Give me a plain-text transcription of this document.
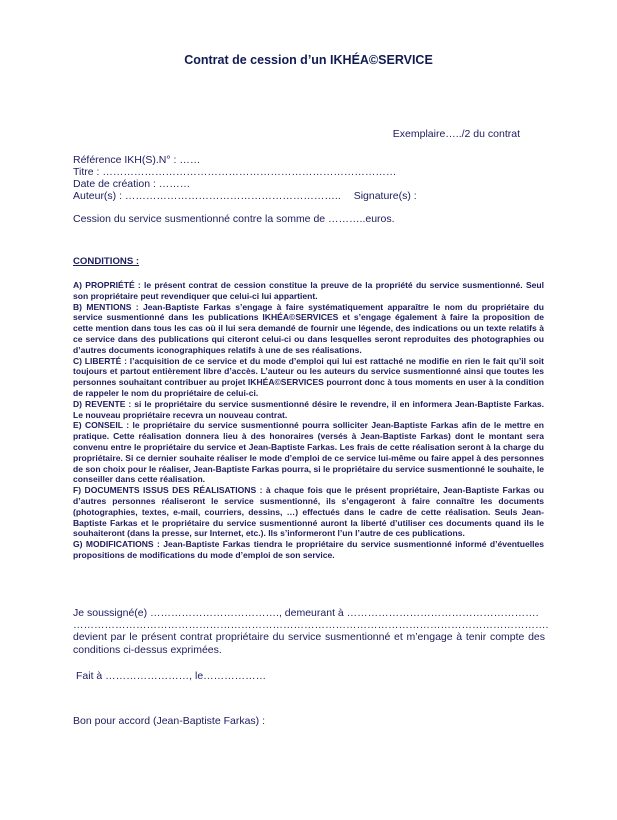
Contrat de cession d’un IKHÉA©SERVICE
Exemplaire…../2 du contrat
Référence IKH(S).N° : ……
Titre : …………………………………………………………………………
Date de création : ………
Auteur(s) : …………………………………………………….. Signature(s) :
Cession du service susmentionné contre la somme de ………..euros.
CONDITIONS :

A) PROPRIÉTÉ : le présent contrat de cession constitue la preuve de la propriété du service susmentionné. Seul son propriétaire peut revendiquer que celui-ci lui appartient.

B) MENTIONS : Jean-Baptiste Farkas s’engage à faire systématiquement apparaître le nom du propriétaire du service susmentionné dans les publications IKHÉA©SERVICES et s’engage également à faire la proposition de cette mention dans tous les cas où il lui sera demandé de fournir une légende, des indications ou un texte relatifs à ce service dans des publications qui citeront celui-ci ou dans lesquelles seront reproduites des photographies ou d’autres documents iconographiques relatifs à une de ses réalisations.

C) LIBERTÉ : l’acquisition de ce service et du mode d’emploi qui lui est rattaché ne modifie en rien le fait qu’il soit toujours et partout entièrement libre d’accès. L’auteur ou les auteurs du service susmentionné ainsi que toutes les personnes souhaitant contribuer au projet IKHÉA©SERVICES pourront donc à tous moments en user à la condition de rappeler le nom du propriétaire de celui-ci.

D) REVENTE : si le propriétaire du service susmentionné désire le revendre, il en informera Jean-Baptiste Farkas. Le nouveau propriétaire recevra un nouveau contrat.

E) CONSEIL : le propriétaire du service susmentionné pourra solliciter Jean-Baptiste Farkas afin de le mettre en pratique. Cette réalisation donnera lieu à des honoraires (versés à Jean-Baptiste Farkas) dont le montant sera convenu entre le propriétaire du service et Jean-Baptiste Farkas. Les frais de cette réalisation seront à la charge du propriétaire. Si ce dernier souhaite réaliser le mode d’emploi de ce service lui-même ou faire appel à des personnes de son choix pour le réaliser, Jean-Baptiste Farkas pourra, si le propriétaire du service susmentionné le souhaite, le conseiller dans cette réalisation.

F) DOCUMENTS ISSUS DES RÉALISATIONS : à chaque fois que le présent propriétaire, Jean-Baptiste Farkas ou d’autres personnes réaliseront le service susmentionné, ils s’engageront à faire connaître les documents (photographies, textes, e-mail, courriers, dessins, …) effectués dans le cadre de cette réalisation. Seuls Jean-Baptiste Farkas et le propriétaire du service susmentionné auront la liberté d’utiliser ces documents quand ils le souhaiteront (dans la presse, sur Internet, etc.). Ils s’informeront l’un l’autre de ces publications.

G) MODIFICATIONS : Jean-Baptiste Farkas tiendra le propriétaire du service susmentionné informé d’éventuelles propositions de modifications du mode d’emploi de son service.

Je soussigné(e) ………………………………., demeurant à ……………………………………………….

……………………………………………………………………………………………………………………….

devient par le présent contrat propriétaire du service susmentionné et m’engage à tenir compte des conditions ci-dessus exprimées.

Fait à ……………………, le………………
Bon pour accord (Jean-Baptiste Farkas) :
